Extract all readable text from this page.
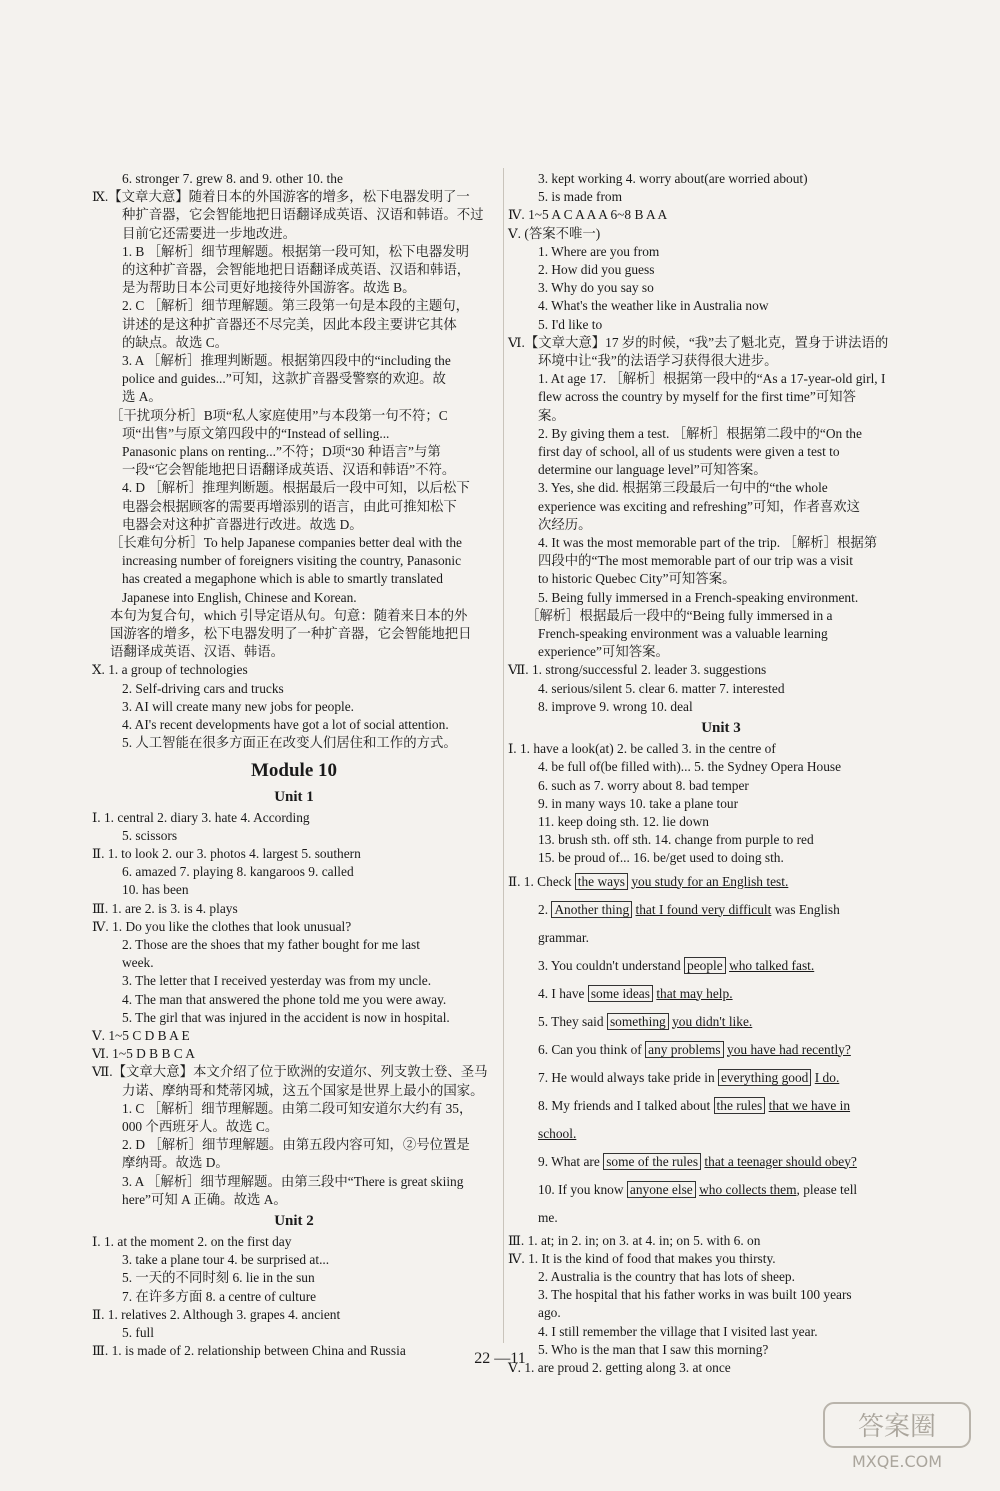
6. stronger 7. grew 8. and 9. other 10. the
Ⅸ.【文章大意】随着日本的外国游客的增多，松下电器发明了一
种扩音器，它会智能地把日语翻译成英语、汉语和韩语。不过
目前它还需要进一步地改进。
1. B ［解析］细节理解题。根据第一段可知，松下电器发明
的这种扩音器，会智能地把日语翻译成英语、汉语和韩语，
是为帮助日本公司更好地接待外国游客。故选 B。
2. C ［解析］细节理解题。第三段第一句是本段的主题句，
讲述的是这种扩音器还不尽完美，因此本段主要讲它其体
的缺点。故选 C。
3. A ［解析］推理判断题。根据第四段中的“including the
police and guides...”可知，这款扩音器受警察的欢迎。故
选 A。
［干扰项分析］B项“私人家庭使用”与本段第一句不符；C
项“出售”与原文第四段中的“Instead of selling...
Panasonic plans on renting...”不符；D项“30 种语言”与第
一段“它会智能地把日语翻译成英语、汉语和韩语”不符。
4. D ［解析］推理判断题。根据最后一段中可知，以后松下
电器会根据顾客的需要再增添别的语言，由此可推知松下
电器会对这种扩音器进行改进。故选 D。
［长难句分析］To help Japanese companies better deal with the
increasing number of foreigners visiting the country, Panasonic
has created a megaphone which is able to smartly translated
Japanese into English, Chinese and Korean.
本句为复合句，which 引导定语从句。句意：随着来日本的外
国游客的增多，松下电器发明了一种扩音器，它会智能地把日
语翻译成英语、汉语、韩语。
Ⅹ. 1. a group of technologies
2. Self-driving cars and trucks
3. AI will create many new jobs for people.
4. AI's recent developments have got a lot of social attention.
5. 人工智能在很多方面正在改变人们居住和工作的方式。
Module 10
Unit 1
Ⅰ. 1. central 2. diary 3. hate 4. According
5. scissors
Ⅱ. 1. to look 2. our 3. photos 4. largest 5. southern
6. amazed 7. playing 8. kangaroos 9. called
10. has been
Ⅲ. 1. are 2. is 3. is 4. plays
Ⅳ. 1. Do you like the clothes that look unusual?
2. Those are the shoes that my father bought for me last
week.
3. The letter that I received yesterday was from my uncle.
4. The man that answered the phone told me you were away.
5. The girl that was injured in the accident is now in hospital.
Ⅴ. 1~5 C D B A E
Ⅵ. 1~5 D B B C A
Ⅶ.【文章大意】本文介绍了位于欧洲的安道尔、列支敦士登、圣马
力诺、摩纳哥和梵蒂冈城，这五个国家是世界上最小的国家。
1. C ［解析］细节理解题。由第二段可知安道尔大约有 35，
000 个西班牙人。故选 C。
2. D ［解析］细节理解题。由第五段内容可知，②号位置是
摩纳哥。故选 D。
3. A ［解析］细节理解题。由第三段中“There is great skiing
here”可知 A 正确。故选 A。
Unit 2
Ⅰ. 1. at the moment 2. on the first day
3. take a plane tour 4. be surprised at...
5. 一天的不同时刻 6. lie in the sun
7. 在许多方面 8. a centre of culture
Ⅱ. 1. relatives 2. Although 3. grapes 4. ancient
5. full
Ⅲ. 1. is made of 2. relationship between China and Russia
3. kept working 4. worry about(are worried about)
5. is made from
Ⅳ. 1~5 A C A A A 6~8 B A A
Ⅴ. (答案不唯一)
1. Where are you from
2. How did you guess
3. Why do you say so
4. What's the weather like in Australia now
5. I'd like to
Ⅵ.【文章大意】17 岁的时候，“我”去了魁北克，置身于讲法语的
环境中让“我”的法语学习获得很大进步。
1. At age 17. ［解析］根据第一段中的“As a 17-year-old girl, I
flew across the country by myself for the first time”可知答
案。
2. By giving them a test. ［解析］根据第二段中的“On the
first day of school, all of us students were given a test to
determine our language level”可知答案。
3. Yes, she did. 根据第三段最后一句中的“the whole
experience was exciting and refreshing”可知，作者喜欢这
次经历。
4. It was the most memorable part of the trip. ［解析］根据第
四段中的“The most memorable part of our trip was a visit
to historic Quebec City”可知答案。
5. Being fully immersed in a French-speaking environment.
［解析］根据最后一段中的“Being fully immersed in a
French-speaking environment was a valuable learning
experience”可知答案。
Ⅶ. 1. strong/successful 2. leader 3. suggestions
4. serious/silent 5. clear 6. matter 7. interested
8. improve 9. wrong 10. deal
Unit 3
Ⅰ. 1. have a look(at) 2. be called 3. in the centre of
4. be full of(be filled with)... 5. the Sydney Opera House
6. such as 7. worry about 8. bad temper
9. in many ways 10. take a plane tour
11. keep doing sth. 12. lie down
13. brush sth. off sth. 14. change from purple to red
15. be proud of... 16. be/get used to doing sth.
Ⅱ. 1. Check the ways you study for an English test.
2. Another thing that I found very difficult was English
grammar.
3. You couldn't understand people who talked fast.
4. I have some ideas that may help.
5. They said something you didn't like.
6. Can you think of any problems you have had recently?
7. He would always take pride in everything good I do.
8. My friends and I talked about the rules that we have in
school.
9. What are some of the rules that a teenager should obey?
10. If you know anyone else who collects them, please tell
me.
Ⅲ. 1. at; in 2. in; on 3. at 4. in; on 5. with 6. on
Ⅳ. 1. It is the kind of food that makes you thirsty.
2. Australia is the country that has lots of sheep.
3. The hospital that his father works in was built 100 years
ago.
4. I still remember the village that I visited last year.
5. Who is the man that I saw this morning?
Ⅴ. 1. are proud 2. getting along 3. at once
22 —11
答案圈
MXQE.COM
